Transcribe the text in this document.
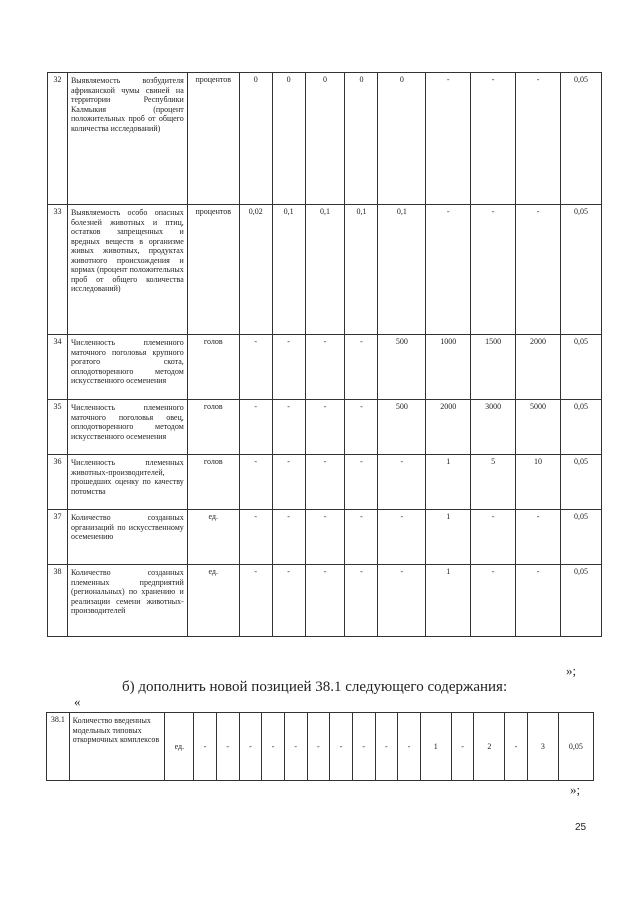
32	Выявляемость возбудителя африканской чумы свиней на территории Республики Калмыкия (процент положительных проб от общего количества исследований)	процентов	0	0	0	0	0	-	-	-	0,05
33	Выявляемость особо опасных болезней животных и птиц, остатков запрещенных и вредных веществ в организме живых животных, продуктах животного происхождения и кормах (процент положительных проб от общего количества исследований)	процентов	0,02	0,1	0,1	0,1	0,1	-	-	-	0,05
34	Численность племенного маточного поголовья крупного рогатого скота, оплодотворенного методом искусственного осеменения	голов	-	-	-	-	500	1000	1500	2000	0,05
35	Численность племенного маточного поголовья овец, оплодотворенного методом искусственного осеменения	голов	-	-	-	-	500	2000	3000	5000	0,05
36	Численность племенных животных-производителей, прошедших оценку по качеству потомства	голов	-	-	-	-	-	1	5	10	0,05
37	Количество созданных организаций по искусственному осеменению	ед.	-	-	-	-	-	1	-	-	0,05
38	Количество созданных племенных предприятий (региональных) по хранению и реализации семени животных-производителей	ед.	-	-	-	-	-	1	-	-	0,05
»;
б) дополнить новой позицией 38.1 следующего содержания:
«
38.1	Количество введенных модельных типовых откормочных комплексов	ед.	-	-	-	-	-	-	-	-	-	-	1	-	2	-	3	0,05
»;
25
